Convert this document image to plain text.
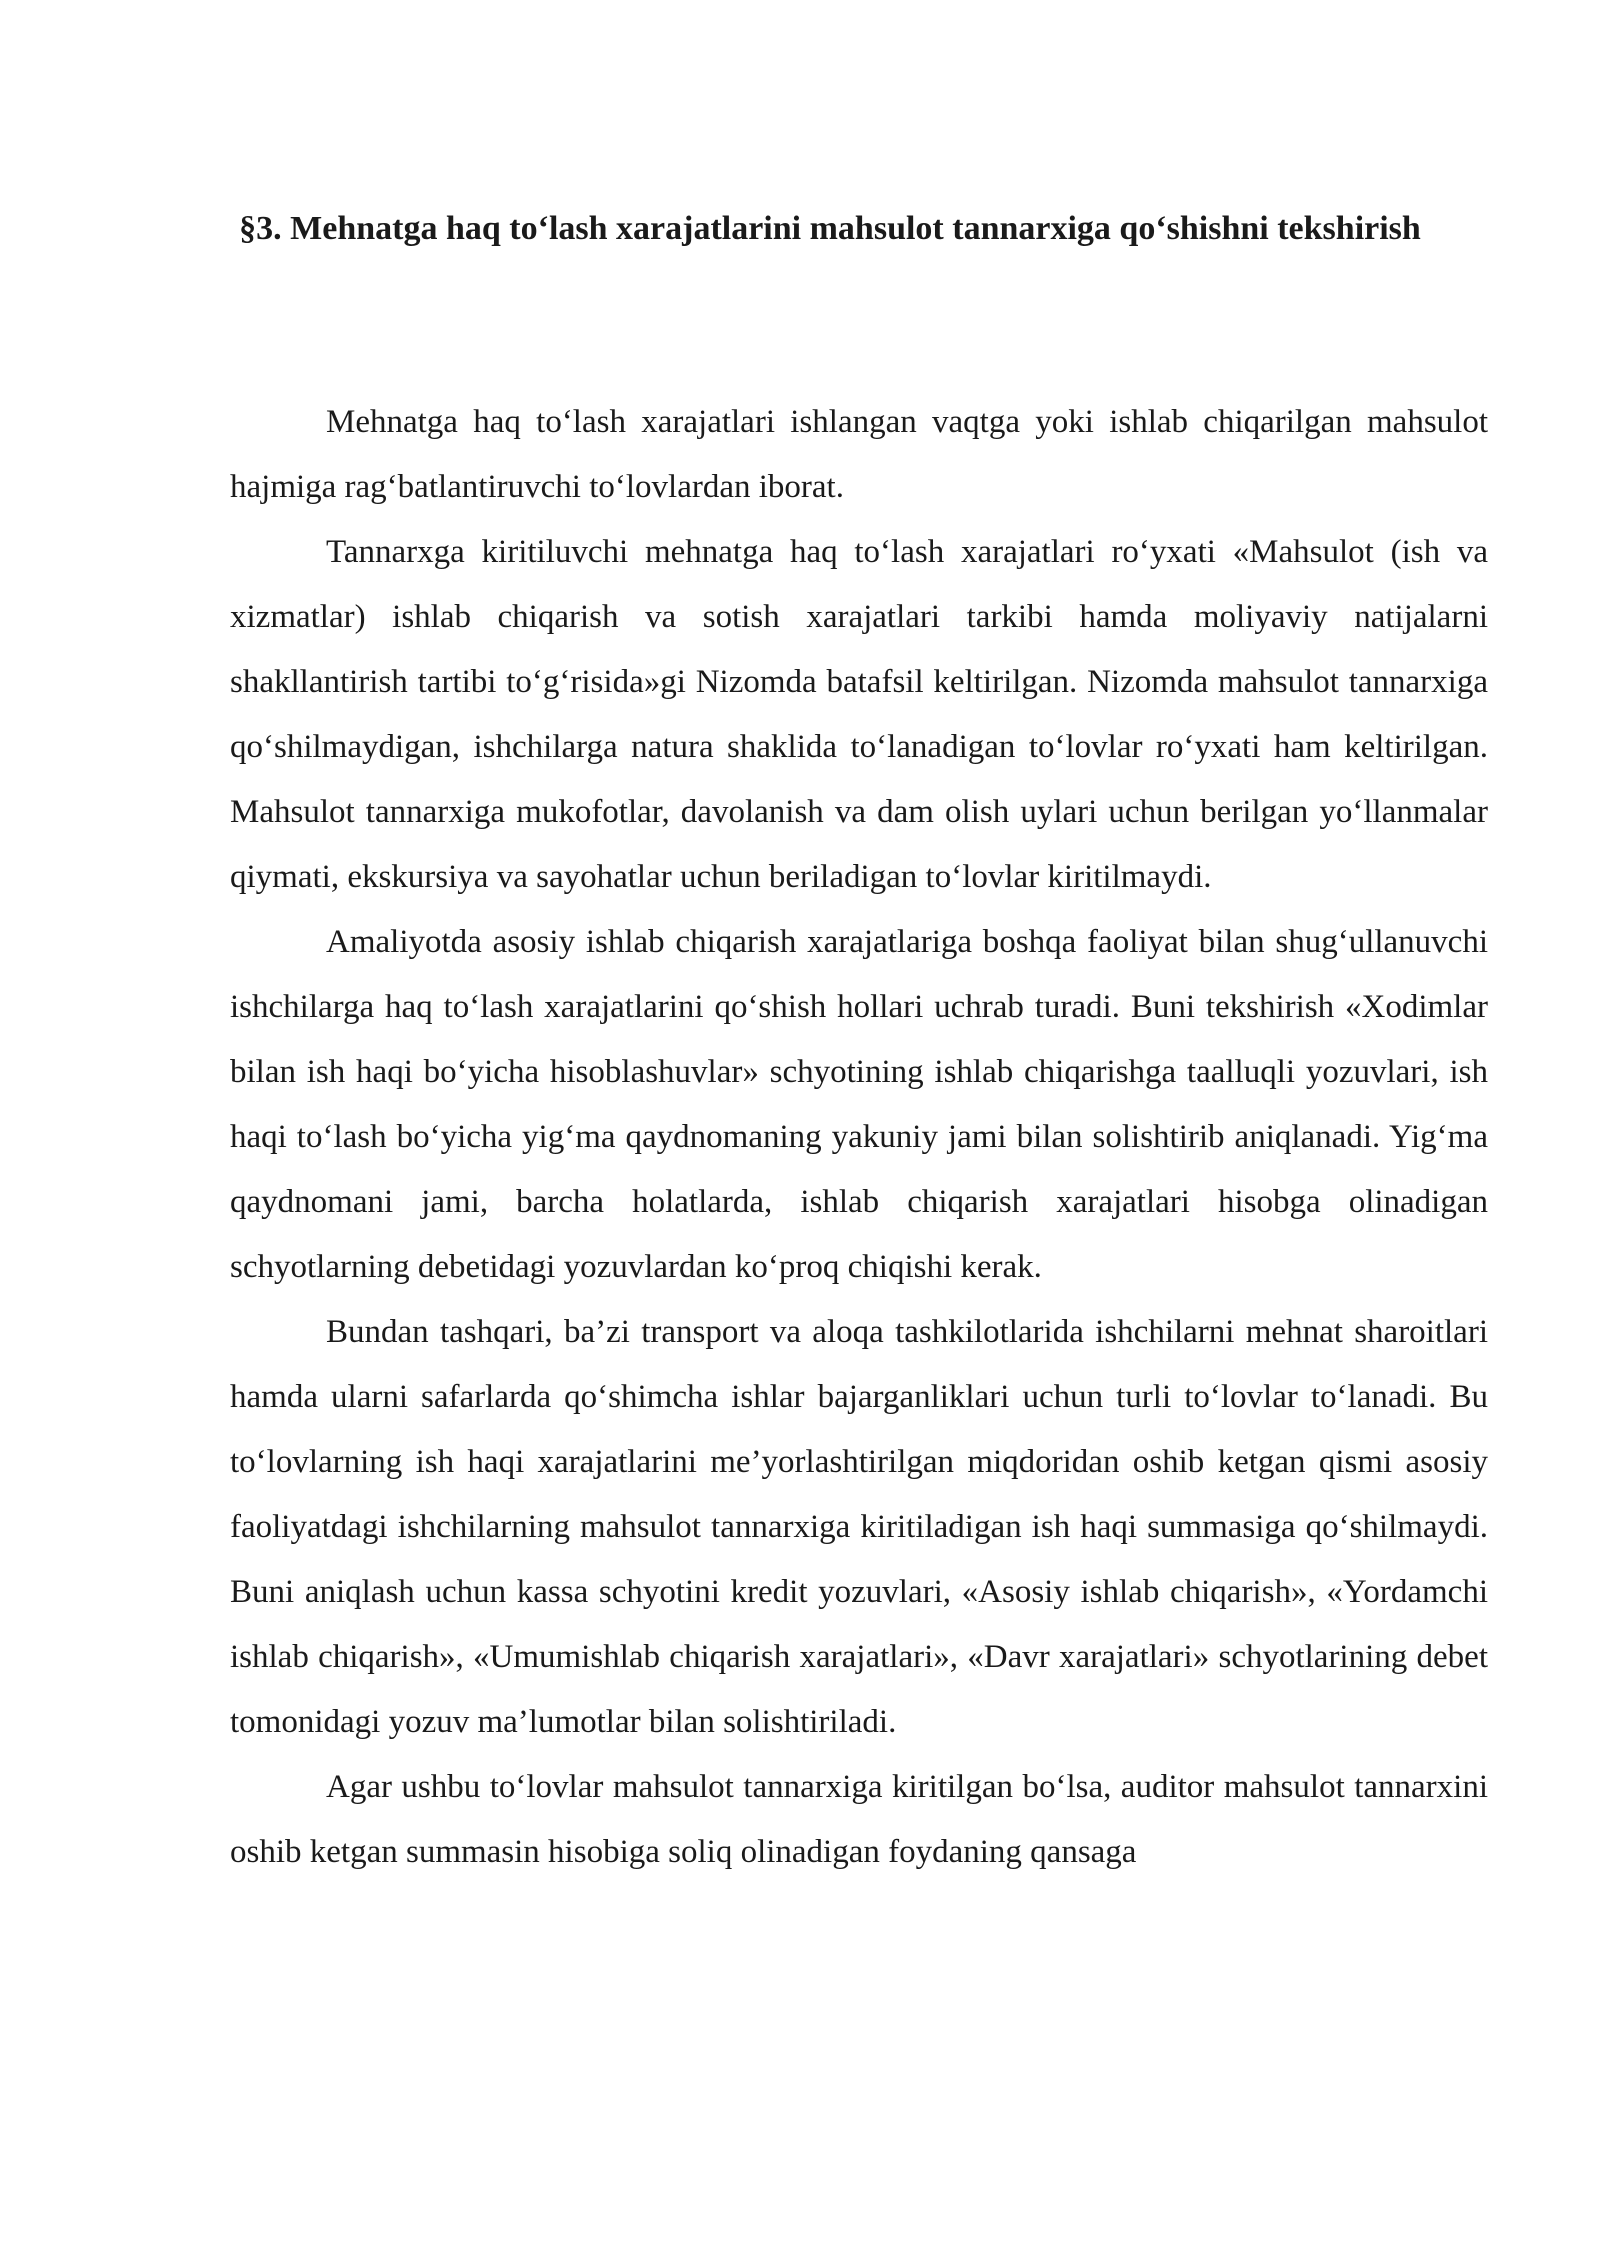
§3. Mehnatga haq to‘lash xarajatlarini mahsulot tannarxiga qo‘shishni tekshirish

Mehnatga haq to‘lash xarajatlari ishlangan vaqtga yoki ishlab chiqarilgan mahsulot hajmiga rag‘batlantiruvchi to‘lovlardan iborat.

Tannarxga kiritiluvchi mehnatga haq to‘lash xarajatlari ro‘yxati «Mahsulot (ish va xizmatlar) ishlab chiqarish va sotish xarajatlari tarkibi hamda moliyaviy natijalarni shakllantirish tartibi to‘g‘risida»gi Nizomda batafsil keltirilgan. Nizomda mahsulot tannarxiga qo‘shilmaydigan, ishchilarga natura shaklida to‘lanadigan to‘lovlar ro‘yxati ham keltirilgan. Mahsulot tannarxiga mukofotlar, davolanish va dam olish uylari uchun berilgan yo‘llanmalar qiymati, ekskursiya va sayohatlar uchun beriladigan to‘lovlar kiritilmaydi.

Amaliyotda asosiy ishlab chiqarish xarajatlariga boshqa faoliyat bilan shug‘ullanuvchi ishchilarga haq to‘lash xarajatlarini qo‘shish hollari uchrab turadi. Buni tekshirish «Xodimlar bilan ish haqi bo‘yicha hisoblashuvlar» schyotining ishlab chiqarishga taalluqli yozuvlari, ish haqi to‘lash bo‘yicha yig‘ma qaydnomaning yakuniy jami bilan solishtirib aniqlanadi. Yig‘ma qaydnomani jami, barcha holatlarda, ishlab chiqarish xarajatlari hisobga olinadigan schyotlarning debetidagi yozuvlardan ko‘proq chiqishi kerak.

Bundan tashqari, ba’zi transport va aloqa tashkilotlarida ishchilarni mehnat sharoitlari hamda ularni safarlarda qo‘shimcha ishlar bajarganliklari uchun turli to‘lovlar to‘lanadi. Bu to‘lovlarning ish haqi xarajatlarini me’yorlashtirilgan miqdoridan oshib ketgan qismi asosiy faoliyatdagi ishchilarning mahsulot tannarxiga kiritiladigan ish haqi summasiga qo‘shilmaydi. Buni aniqlash uchun kassa schyotini kredit yozuvlari, «Asosiy ishlab chiqarish», «Yordamchi ishlab chiqarish», «Umumishlab chiqarish xarajatlari», «Davr xarajatlari» schyotlarining debet tomonidagi yozuv ma’lumotlar bilan solishtiriladi.

Agar ushbu to‘lovlar mahsulot tannarxiga kiritilgan bo‘lsa, auditor mahsulot tannarxini oshib ketgan summasin hisobiga soliq olinadigan foydaning qansaga
